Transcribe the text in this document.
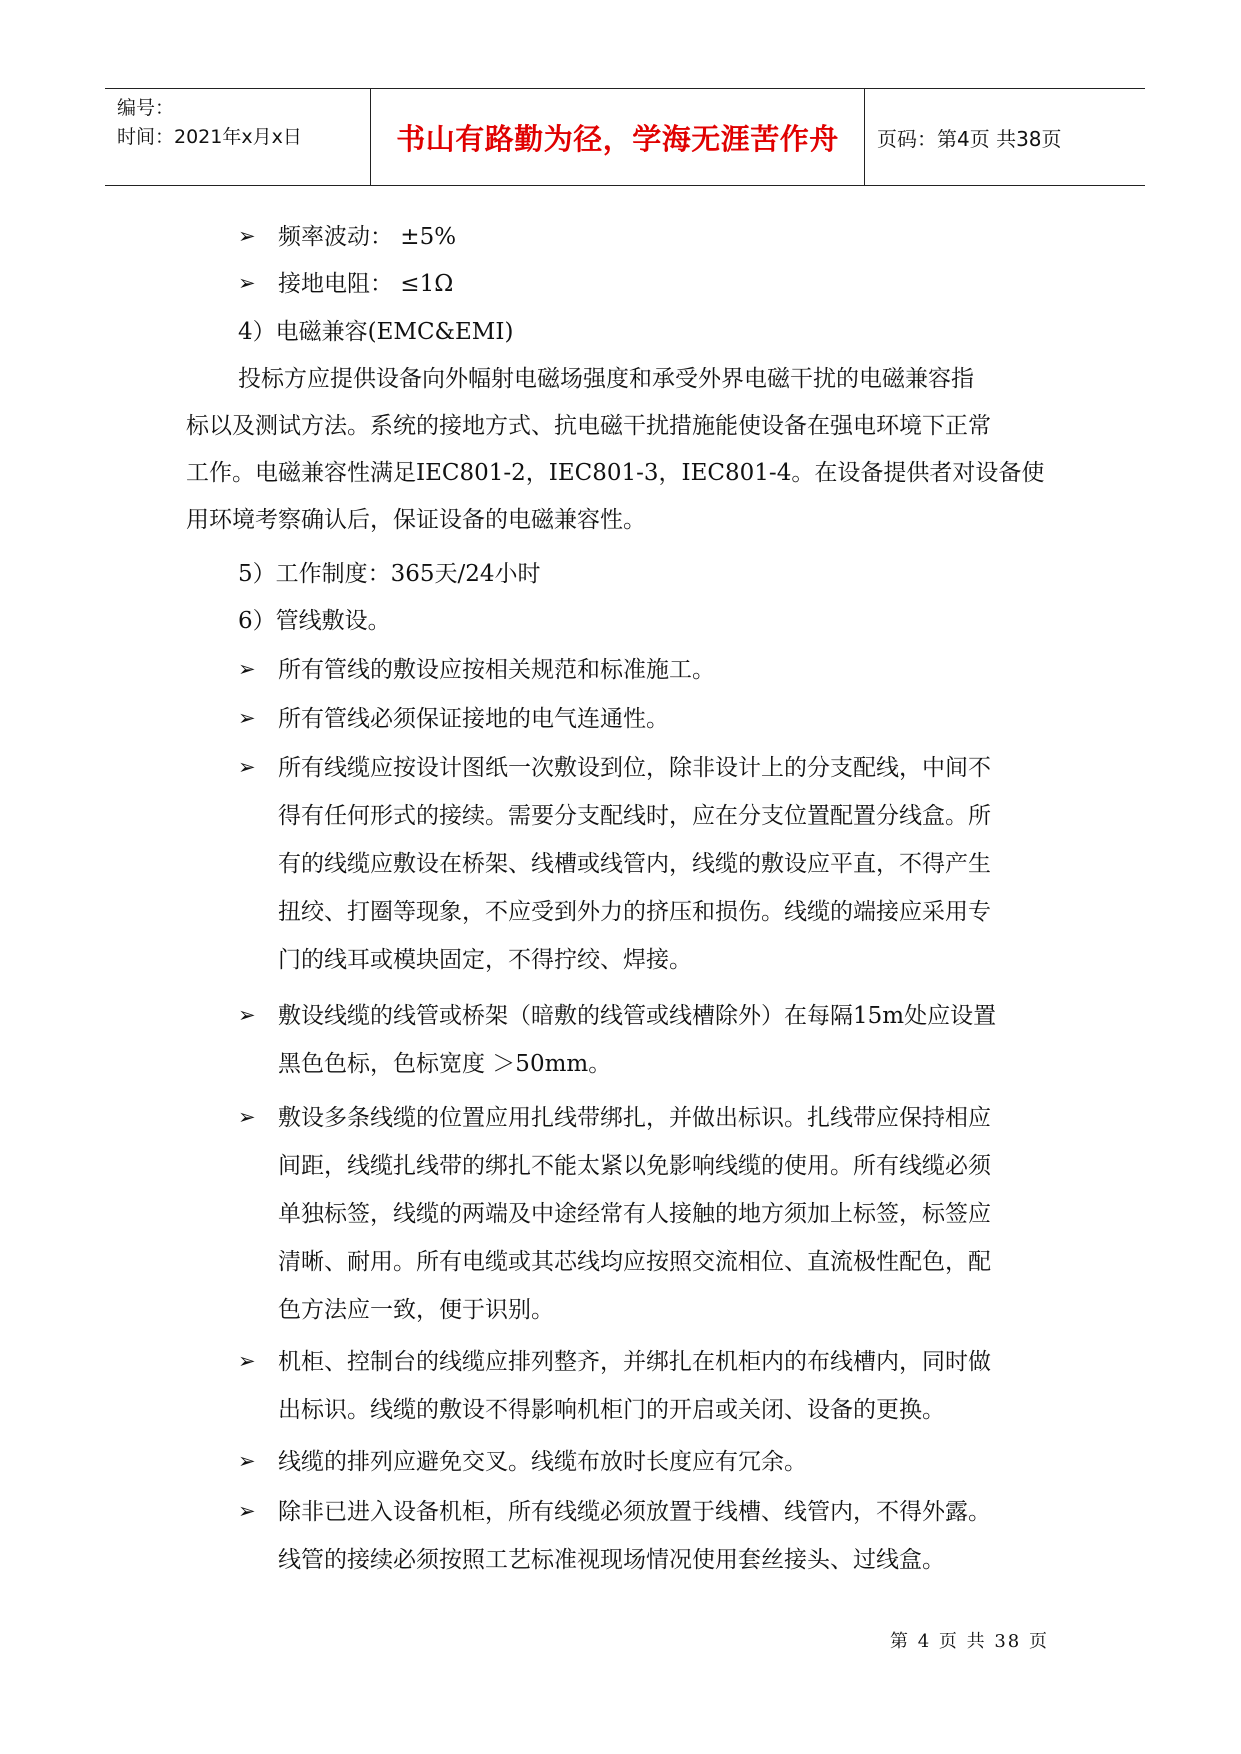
编号：
时间：2021年x月x日	书山有路勤为径，学海无涯苦作舟 页码：第4页 共38页
➢ 频率波动： ±5%
➢ 接地电阻： ≤1Ω
4）电磁兼容(EMC&EMI)
投标方应提供设备向外幅射电磁场强度和承受外界电磁干扰的电磁兼容指
标以及测试方法。系统的接地方式、抗电磁干扰措施能使设备在强电环境下正常
工作。电磁兼容性满足IEC801-2，IEC801-3，IEC801-4。在设备提供者对设备使
用环境考察确认后，保证设备的电磁兼容性。
5）工作制度：365天/24小时
6）管线敷设。
➢ 所有管线的敷设应按相关规范和标准施工。
➢ 所有管线必须保证接地的电气连通性。
➢ 所有线缆应按设计图纸一次敷设到位，除非设计上的分支配线，中间不
得有任何形式的接续。需要分支配线时，应在分支位置配置分线盒。所
有的线缆应敷设在桥架、线槽或线管内，线缆的敷设应平直，不得产生
扭绞、打圈等现象，不应受到外力的挤压和损伤。线缆的端接应采用专
门的线耳或模块固定，不得拧绞、焊接。
➢ 敷设线缆的线管或桥架（暗敷的线管或线槽除外）在每隔15m处应设置
黑色色标，色标宽度 ＞50mm。
➢ 敷设多条线缆的位置应用扎线带绑扎，并做出标识。扎线带应保持相应
间距，线缆扎线带的绑扎不能太紧以免影响线缆的使用。所有线缆必须
单独标签，线缆的两端及中途经常有人接触的地方须加上标签，标签应
清晰、耐用。所有电缆或其芯线均应按照交流相位、直流极性配色，配
色方法应一致，便于识别。
➢ 机柜、控制台的线缆应排列整齐，并绑扎在机柜内的布线槽内，同时做
出标识。线缆的敷设不得影响机柜门的开启或关闭、设备的更换。
➢ 线缆的排列应避免交叉。线缆布放时长度应有冗余。
➢ 除非已进入设备机柜，所有线缆必须放置于线槽、线管内，不得外露。
线管的接续必须按照工艺标准视现场情况使用套丝接头、过线盒。
第 4 页 共 38 页
